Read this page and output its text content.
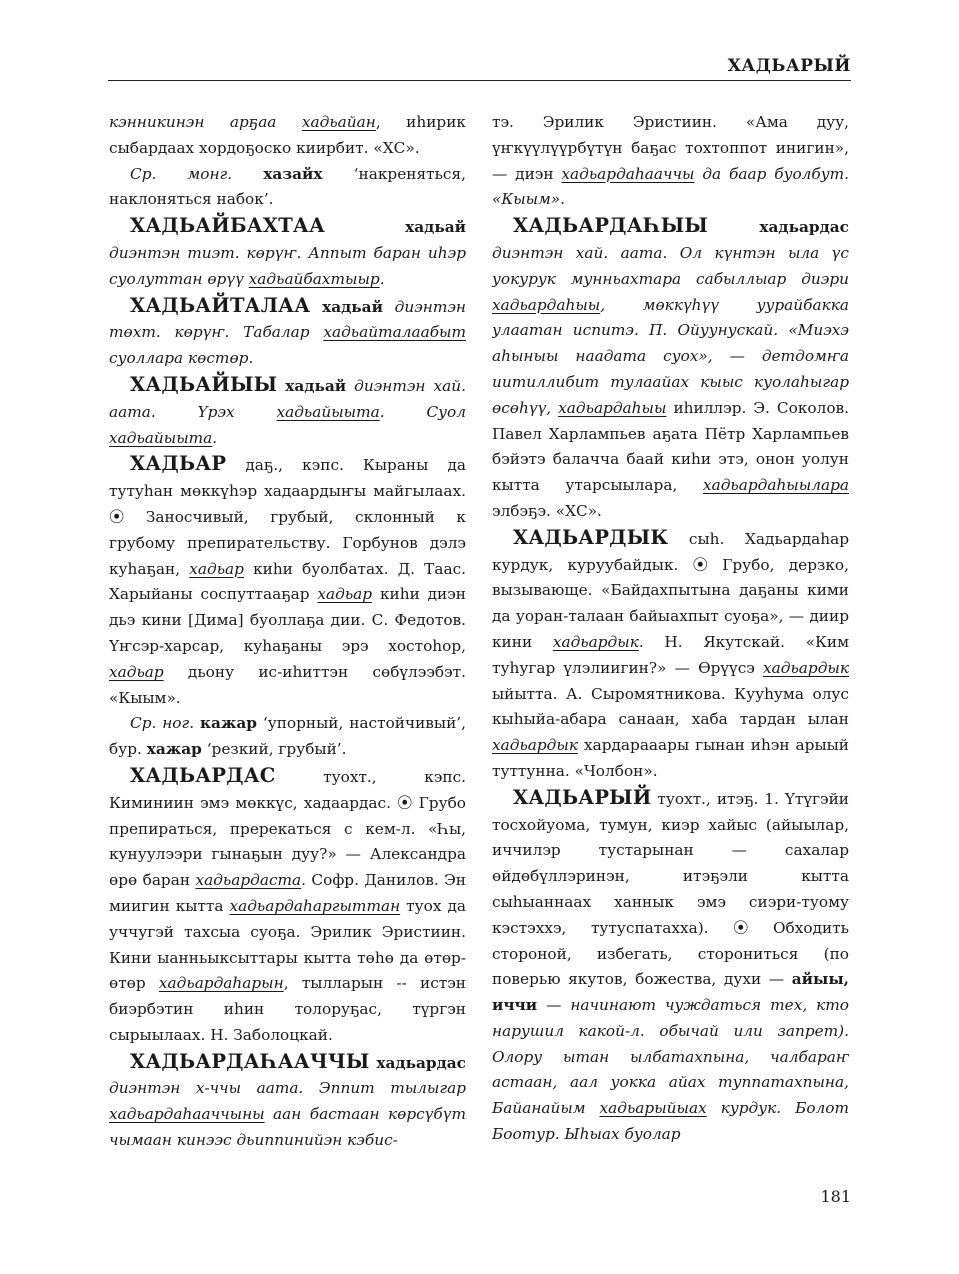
ХАДЬАРЫЙ

кэнникинэн арҕаа хадьайан, иһирик сыбардаах хордоҕоско киирбит. «ХС».

Ср. монг. хазайх ‘накреняться, наклоняться набок’.

ХАДЬАЙБАХТАА	хадьай диэнтэн тиэт. көрүҥ. Аппыт баран иһэр суолуттан өрүү хадьайбахтыыр.

ХАДЬАЙТАЛАА хадьай диэнтэн төхт. көрүҥ. Табалар хадьайталаабыт суоллара көстөр.

ХАДЬАЙЫЫ хадьай диэнтэн хай. аата. Үрэх хадьайыыта. Суол хадьайыыта.

ХАДЬАР даҕ., кэпс. Кыраны да тутуһан мөккүһэр хадаардыҥы майгылаах. ⦿ Заносчивый, грубый, склонный к грубому препирательству. Горбунов дэлэ куһаҕан, хадьар киһи буолбатах. Д. Таас. Харыйаны соспуттааҕар хадьар киһи диэн дьэ кини [Дима] буоллаҕа дии. С. Федотов. Үҥсэр-харсар, куһаҕаны эрэ хостоһор, хадьар дьону ис-иһиттэн сөбүлээбэт. «Кыым».

Ср. ног. кажар ‘упорный, настойчивый’, бур. хажар ‘резкий, грубый’.

ХАДЬАРДАС туохт., кэпс. Киминиин эмэ мөккүс, хадаардас. ⦿ Грубо препираться, пререкаться с кем-л. «Һы, кунуулээри гынаҕын дуу?» — Александра өрө баран хадьардаста. Софр. Данилов. Эн миигин кытта хадьардаһаргыттан туох да уччугэй тахсыа суоҕа. Эрилик Эристиин. Кини ыанньыксыттары кытта төһө да өтөр-өтөр хадьардаһарын, тылларын -- истэн биэрбэтин иһин толоруҕас, түргэн сырыылаах. Н. Заболоцкай.

ХАДЬАРДАҺААЧЧЫ хадьардас диэнтэн х-ччы аата. Эппит тылыгар хадьардаһааччыны аан бастаан көрсүбүт чымаан кинээс дьиппинийэн кэбис-

тэ. Эрилик Эристиин. «Ама дуу, үҥкүүлүүрбүтүн баҕас тохтоппот инигин», — диэн хадьардаһааччы да баар буолбут. «Кыым».

ХАДЬАРДАҺЫЫ	хадьардас диэнтэн хай. аата. Ол күнтэн ыла үс уокурук мунньахтара сабыллыар диэри хадьардаһыы, мөккүһүү уурайбакка улаатан испитэ. П. Ойуунускай. «Миэхэ аһыныы наадата суох», — детдомҥа иитиллибит тулаайах кыыс куолаһыгар өсөһүү, хадьардаһыы иһиллэр. Э. Соколов. Павел Харлампьев аҕата Пётр Харлампьев бэйэтэ балачча баай киһи этэ, онон уолун кытта утарсыылара, хадьардаһыылара элбэҕэ. «ХС».

ХАДЬАРДЫК сыһ. Хадьардаһар курдук, куруубайдык. ⦿ Грубо, дерзко, вызывающе. «Байдахпытына даҕаны кими да уоран-талаан байыахпыт суоҕа», — диир кини хадьардык. Н. Якутскай. «Ким туһугар үлэлиигин?» — Өрүүсэ хадьардык ыйытта. А. Сыромятникова. Кууһума олус кыһыйа-абара санаан, хаба тардан ылан хадьардык хардарааары гынан иһэн арыый туттунна. «Чолбон».

ХАДЬАРЫЙ туохт., итэҕ. 1. Үтүгэйи тосхойуома, тумун, киэр хайыс (айыылар, иччилэр тустарынан — сахалар өйдөбүллэринэн, итэҕэли кытта сыһыаннаах ханнык эмэ сиэри-туому кэстэххэ, тутуспатахха). ⦿ Обходить стороной, избегать, сторониться (по поверью якутов, божества, духи — айыы, иччи — начинают чуждаться тех, кто нарушил какой-л. обычай или запрет). Олору ытан ылбатахпына, чалбараҥ астаан, аал уокка айах туппатахпына, Байанайым хадьарыйыах курдук. Болот Боотур. Ыһыах буолар

181
